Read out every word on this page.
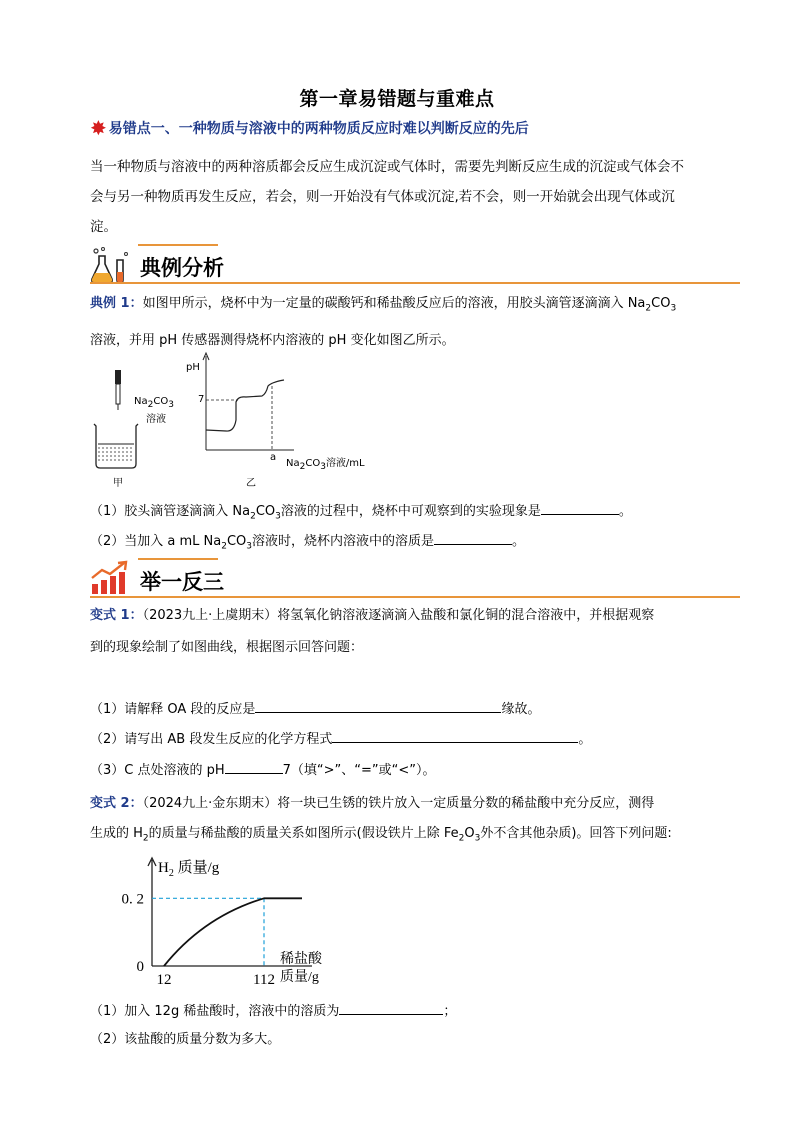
第一章易错题与重难点
✸ 易错点一、一种物质与溶液中的两种物质反应时难以判断反应的先后
当一种物质与溶液中的两种溶质都会反应生成沉淀或气体时，需要先判断反应生成的沉淀或气体会不
会与另一种物质再发生反应，若会，则一开始没有气体或沉淀,若不会，则一开始就会出现气体或沉
淀。
典例分析
典例 1：如图甲所示，烧杯中为一定量的碳酸钙和稀盐酸反应后的溶液，用胶头滴管逐滴滴入 $Na_2CO_3$
溶液，并用 pH 传感器测得烧杯内溶液的 pH 变化如图乙所示。
$Na_2CO_3$
溶液
甲
pH
7
a
$Na_2CO_3$溶液/mL
乙
（1）胶头滴管逐滴滴入 $Na_2CO_3$溶液的过程中，烧杯中可观察到的实验现象是	。
（2）当加入 a mL $Na_2CO_3$溶液时，烧杯内溶液中的溶质是	。
举一反三
变式 1：（2023九上·上虞期末）将氢氧化钠溶液逐滴滴入盐酸和氯化铜的混合溶液中，并根据观察
到的现象绘制了如图曲线，根据图示回答问题：
（1）请解释 OA 段的反应是	缘故。
（2）请写出 AB 段发生反应的化学方程式	。
（3）C 点处溶液的 pH	7（填“>”、“=”或“<”）。
变式 2：（2024九上·金东期末）将一块已生锈的铁片放入一定质量分数的稀盐酸中充分反应，测得
生成的 $H_2$的质量与稀盐酸的质量关系如图所示(假设铁片上除 $Fe_2O_3$外不含其他杂质)。回答下列问题:
0
0. 2
12	112
$H_2$ 质量/g
稀盐酸
质量/g
（1）加入 12g 稀盐酸时，溶液中的溶质为	；
（2）该盐酸的质量分数为多大。
